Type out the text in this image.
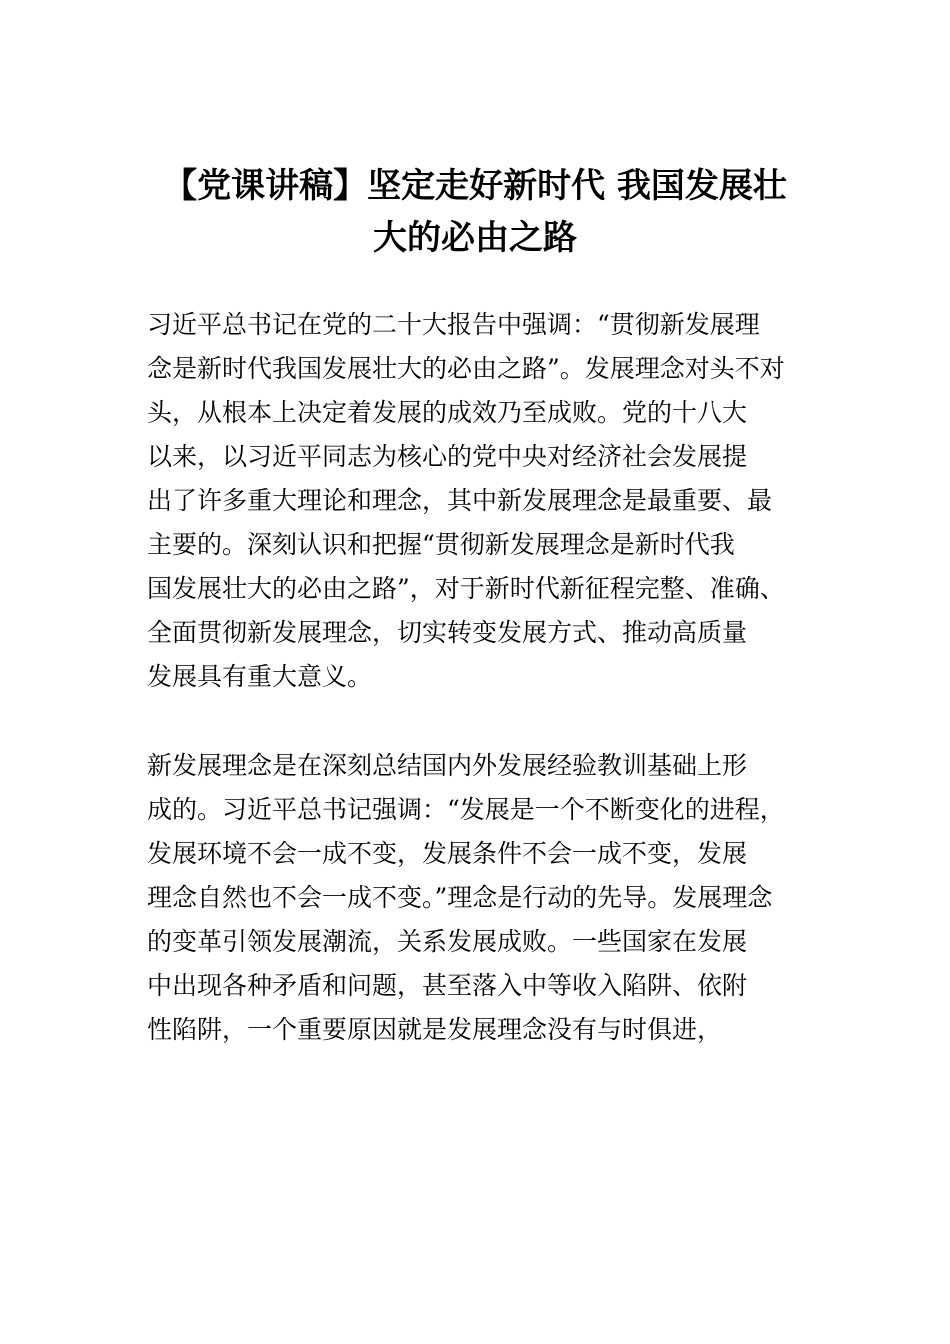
【党课讲稿】坚定走好新时代 我国发展壮
大的必由之路
习近平总书记在党的二十大报告中强调：“贯彻新发展理
念是新时代我国发展壮大的必由之路”。发展理念对头不对
头，从根本上决定着发展的成效乃至成败。党的十八大
以来，以习近平同志为核心的党中央对经济社会发展提
出了许多重大理论和理念，其中新发展理念是最重要、最
主要的。深刻认识和把握“贯彻新发展理念是新时代我
国发展壮大的必由之路”，对于新时代新征程完整、准确、
全面贯彻新发展理念，切实转变发展方式、推动高质量
发展具有重大意义。
新发展理念是在深刻总结国内外发展经验教训基础上形
成的。习近平总书记强调：“发展是一个不断变化的进程，
发展环境不会一成不变，发展条件不会一成不变，发展
理念自然也不会一成不变。”理念是行动的先导。发展理念
的变革引领发展潮流，关系发展成败。一些国家在发展
中出现各种矛盾和问题，甚至落入中等收入陷阱、依附
性陷阱，一个重要原因就是发展理念没有与时俱进，
